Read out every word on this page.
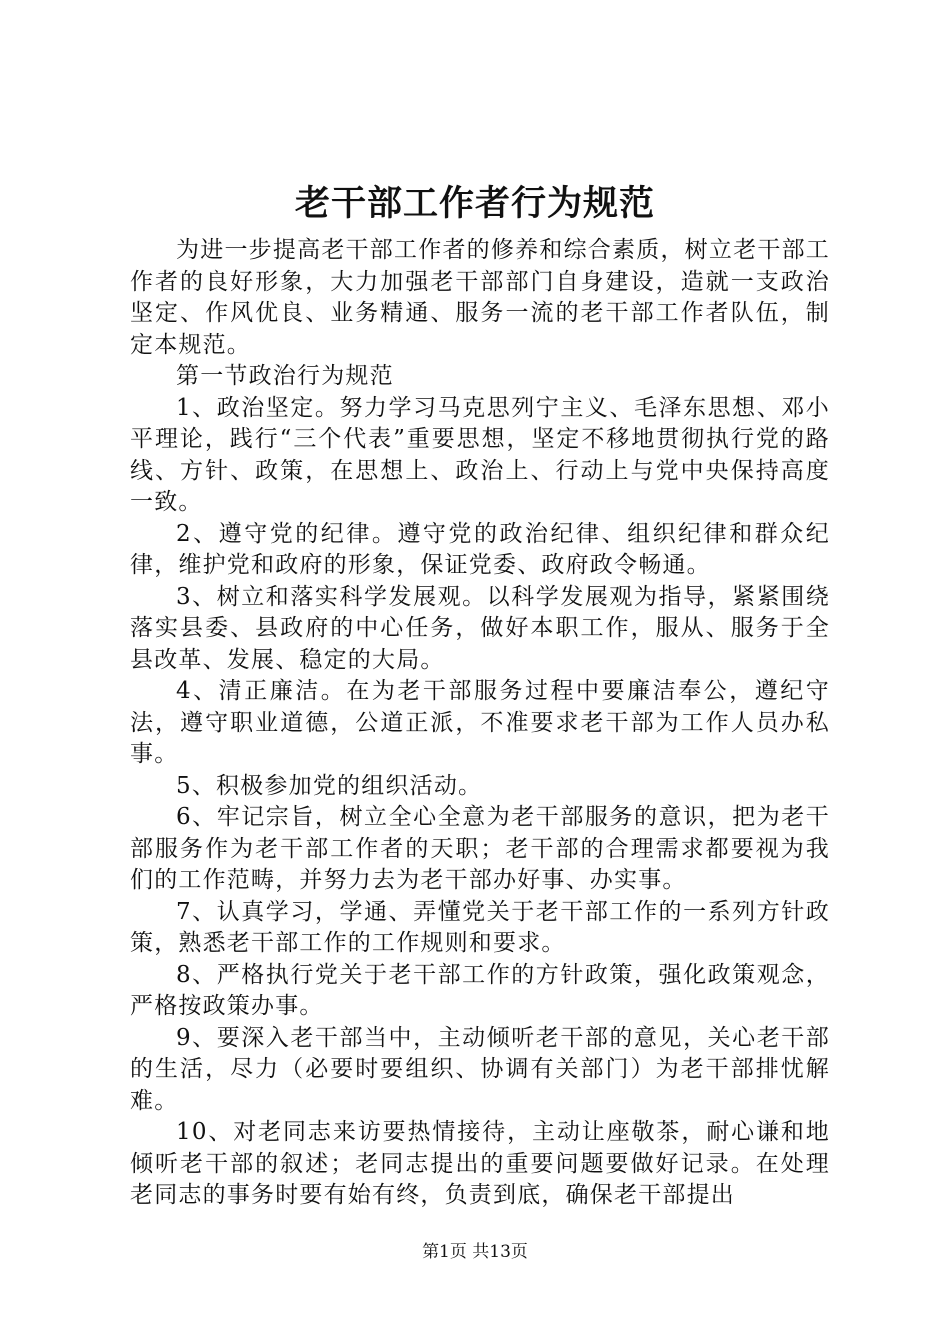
老干部工作者行为规范

为进一步提高老干部工作者的修养和综合素质，树立老干部工作者的良好形象，大力加强老干部部门自身建设，造就一支政治坚定、作风优良、业务精通、服务一流的老干部工作者队伍，制定本规范。

第一节政治行为规范

1、政治坚定。努力学习马克思列宁主义、毛泽东思想、邓小平理论，践行“三个代表”重要思想，坚定不移地贯彻执行党的路线、方针、政策，在思想上、政治上、行动上与党中央保持高度一致。

2、遵守党的纪律。遵守党的政治纪律、组织纪律和群众纪律，维护党和政府的形象，保证党委、政府政令畅通。

3、树立和落实科学发展观。以科学发展观为指导，紧紧围绕落实县委、县政府的中心任务，做好本职工作，服从、服务于全县改革、发展、稳定的大局。

4、清正廉洁。在为老干部服务过程中要廉洁奉公，遵纪守法，遵守职业道德，公道正派，不准要求老干部为工作人员办私事。

5、积极参加党的组织活动。

6、牢记宗旨，树立全心全意为老干部服务的意识，把为老干部服务作为老干部工作者的天职；老干部的合理需求都要视为我们的工作范畴，并努力去为老干部办好事、办实事。

7、认真学习，学通、弄懂党关于老干部工作的一系列方针政策，熟悉老干部工作的工作规则和要求。

8、严格执行党关于老干部工作的方针政策，强化政策观念，严格按政策办事。

9、要深入老干部当中，主动倾听老干部的意见，关心老干部的生活，尽力（必要时要组织、协调有关部门）为老干部排忧解难。

10、对老同志来访要热情接待，主动让座敬茶，耐心谦和地倾听老干部的叙述；老同志提出的重要问题要做好记录。在处理老同志的事务时要有始有终，负责到底，确保老干部提出

第1页 共13页
